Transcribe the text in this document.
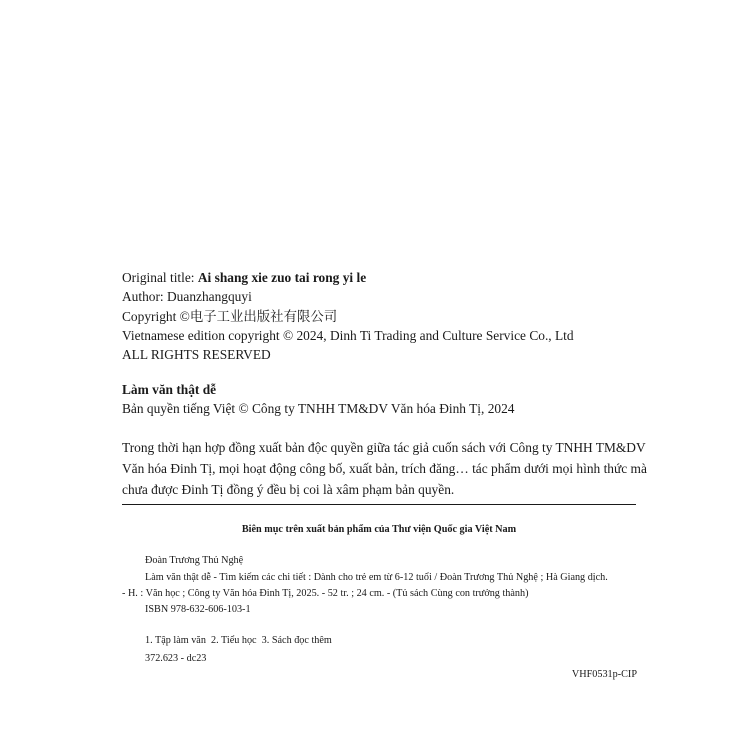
Original title: Ai shang xie zuo tai rong yi le
Author: Duanzhangquyi
Copyright ©电子工业出版社有限公司
Vietnamese edition copyright © 2024, Dinh Ti Trading and Culture Service Co., Ltd
ALL RIGHTS RESERVED
Làm văn thật dễ
Bản quyền tiếng Việt © Công ty TNHH TM&DV Văn hóa Đinh Tị, 2024
Trong thời hạn hợp đồng xuất bản độc quyền giữa tác giả cuốn sách với Công ty TNHH TM&DV
Văn hóa Đinh Tị, mọi hoạt động công bố, xuất bản, trích đăng… tác phẩm dưới mọi hình thức mà
chưa được Đinh Tị đồng ý đều bị coi là xâm phạm bản quyền.
Biên mục trên xuất bản phẩm của Thư viện Quốc gia Việt Nam
Đoàn Trương Thủ Nghệ
Làm văn thật dễ - Tìm kiếm các chi tiết : Dành cho trẻ em từ 6-12 tuổi / Đoàn Trương Thủ Nghệ ; Hà Giang dịch.
- H. : Văn học ; Công ty Văn hóa Đinh Tị, 2025. - 52 tr. ; 24 cm. - (Tủ sách Cùng con trưởng thành)
ISBN 978-632-606-103-1
1. Tập làm văn  2. Tiểu học  3. Sách đọc thêm
372.623 - dc23
VHF0531p-CIP
